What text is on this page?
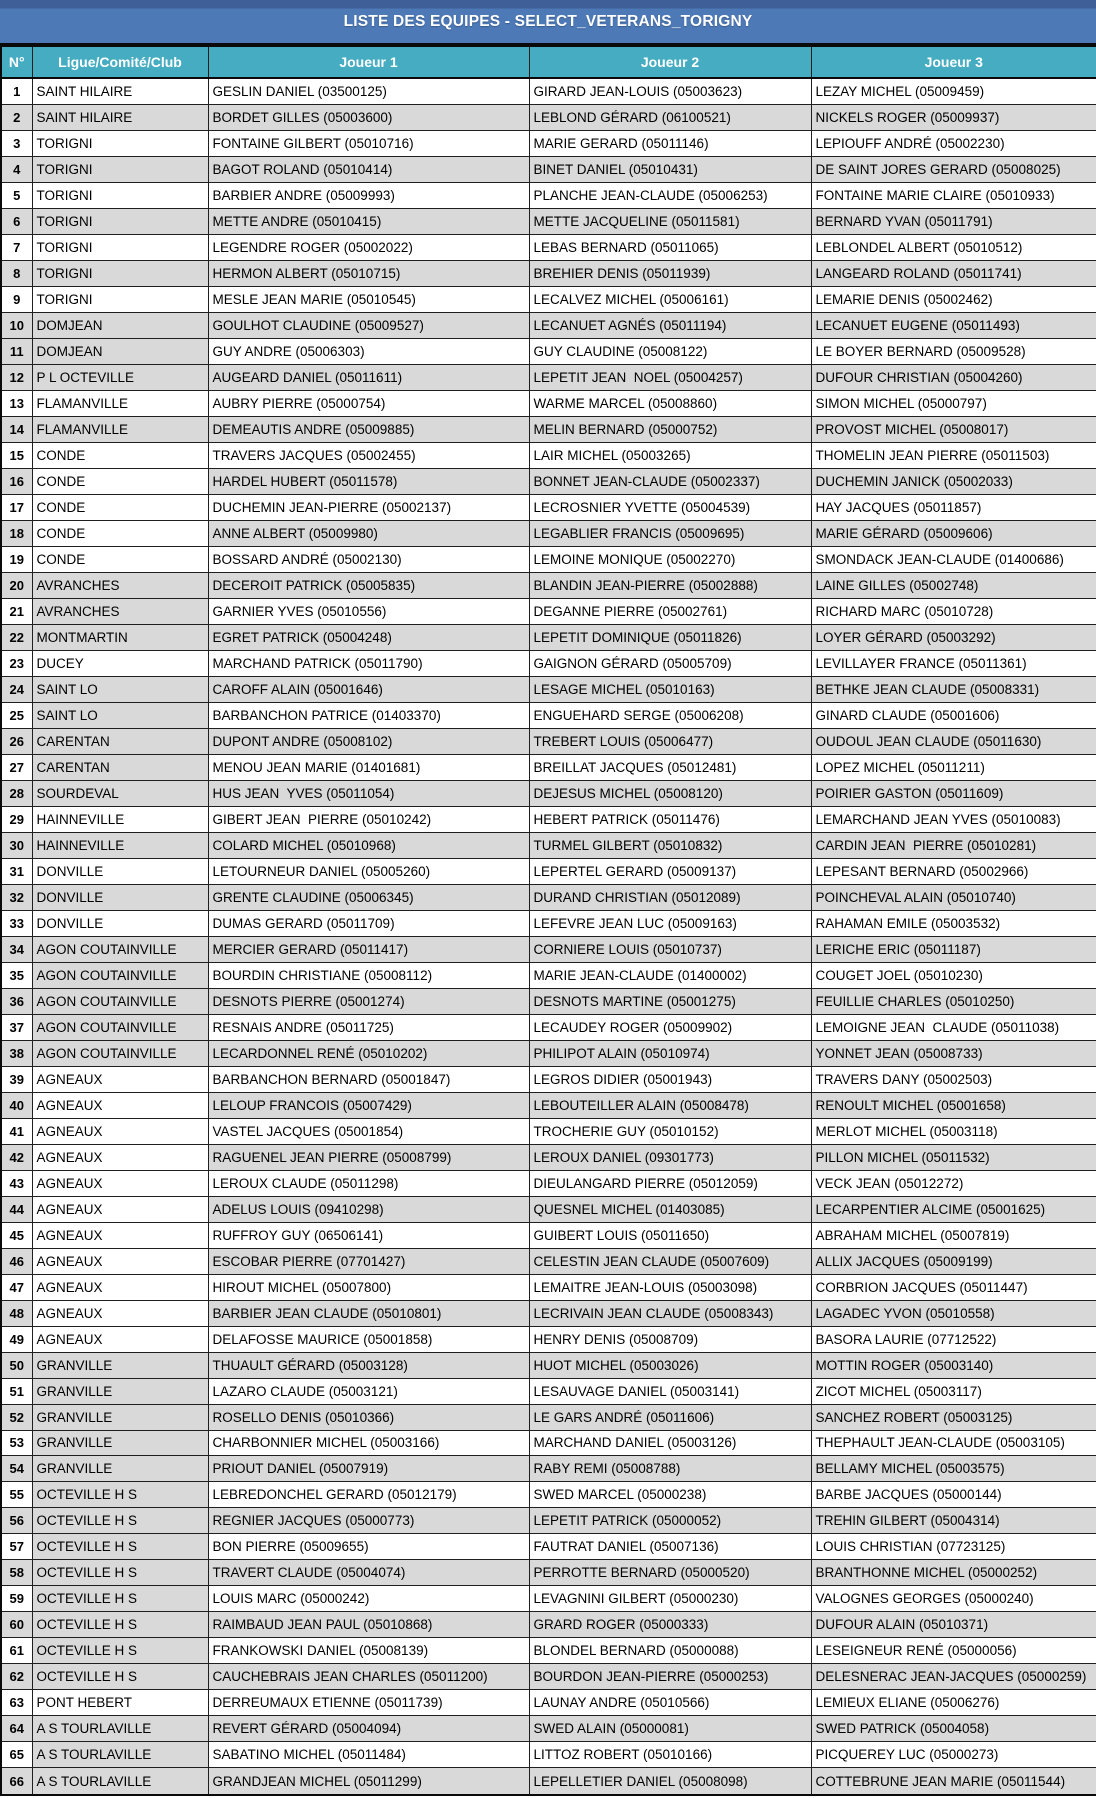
LISTE DES EQUIPES - SELECT_VETERANS_TORIGNY
N°	Ligue/Comité/Club	Joueur 1	Joueur 2	Joueur 3
1	SAINT HILAIRE	GESLIN DANIEL (03500125)	GIRARD JEAN-LOUIS (05003623)	LEZAY MICHEL (05009459)
2	SAINT HILAIRE	BORDET GILLES (05003600)	LEBLOND GÉRARD (06100521)	NICKELS ROGER (05009937)
3	TORIGNI	FONTAINE GILBERT (05010716)	MARIE GERARD (05011146)	LEPIOUFF ANDRÉ (05002230)
4	TORIGNI	BAGOT ROLAND (05010414)	BINET DANIEL (05010431)	DE SAINT JORES GERARD (05008025)
5	TORIGNI	BARBIER ANDRE (05009993)	PLANCHE JEAN-CLAUDE (05006253)	FONTAINE MARIE CLAIRE (05010933)
6	TORIGNI	METTE ANDRE (05010415)	METTE JACQUELINE (05011581)	BERNARD YVAN (05011791)
7	TORIGNI	LEGENDRE ROGER (05002022)	LEBAS BERNARD (05011065)	LEBLONDEL ALBERT (05010512)
8	TORIGNI	HERMON ALBERT (05010715)	BREHIER DENIS (05011939)	LANGEARD ROLAND (05011741)
9	TORIGNI	MESLE JEAN MARIE (05010545)	LECALVEZ MICHEL (05006161)	LEMARIE DENIS (05002462)
10	DOMJEAN	GOULHOT CLAUDINE (05009527)	LECANUET AGNÉS (05011194)	LECANUET EUGENE (05011493)
11	DOMJEAN	GUY ANDRE (05006303)	GUY CLAUDINE (05008122)	LE BOYER BERNARD (05009528)
12	P L OCTEVILLE	AUGEARD DANIEL (05011611)	LEPETIT JEAN  NOEL (05004257)	DUFOUR CHRISTIAN (05004260)
13	FLAMANVILLE	AUBRY PIERRE (05000754)	WARME MARCEL (05008860)	SIMON MICHEL (05000797)
14	FLAMANVILLE	DEMEAUTIS ANDRE (05009885)	MELIN BERNARD (05000752)	PROVOST MICHEL (05008017)
15	CONDE	TRAVERS JACQUES (05002455)	LAIR MICHEL (05003265)	THOMELIN JEAN PIERRE (05011503)
16	CONDE	HARDEL HUBERT (05011578)	BONNET JEAN-CLAUDE (05002337)	DUCHEMIN JANICK (05002033)
17	CONDE	DUCHEMIN JEAN-PIERRE (05002137)	LECROSNIER YVETTE (05004539)	HAY JACQUES (05011857)
18	CONDE	ANNE ALBERT (05009980)	LEGABLIER FRANCIS (05009695)	MARIE GÉRARD (05009606)
19	CONDE	BOSSARD ANDRÉ (05002130)	LEMOINE MONIQUE (05002270)	SMONDACK JEAN-CLAUDE (01400686)
20	AVRANCHES	DECEROIT PATRICK (05005835)	BLANDIN JEAN-PIERRE (05002888)	LAINE GILLES (05002748)
21	AVRANCHES	GARNIER YVES (05010556)	DEGANNE PIERRE (05002761)	RICHARD MARC (05010728)
22	MONTMARTIN	EGRET PATRICK (05004248)	LEPETIT DOMINIQUE (05011826)	LOYER GÉRARD (05003292)
23	DUCEY	MARCHAND PATRICK (05011790)	GAIGNON GÉRARD (05005709)	LEVILLAYER FRANCE (05011361)
24	SAINT LO	CAROFF ALAIN (05001646)	LESAGE MICHEL (05010163)	BETHKE JEAN CLAUDE (05008331)
25	SAINT LO	BARBANCHON PATRICE (01403370)	ENGUEHARD SERGE (05006208)	GINARD CLAUDE (05001606)
26	CARENTAN	DUPONT ANDRE (05008102)	TREBERT LOUIS (05006477)	OUDOUL JEAN CLAUDE (05011630)
27	CARENTAN	MENOU JEAN MARIE (01401681)	BREILLAT JACQUES (05012481)	LOPEZ MICHEL (05011211)
28	SOURDEVAL	HUS JEAN  YVES (05011054)	DEJESUS MICHEL (05008120)	POIRIER GASTON (05011609)
29	HAINNEVILLE	GIBERT JEAN  PIERRE (05010242)	HEBERT PATRICK (05011476)	LEMARCHAND JEAN YVES (05010083)
30	HAINNEVILLE	COLARD MICHEL (05010968)	TURMEL GILBERT (05010832)	CARDIN JEAN  PIERRE (05010281)
31	DONVILLE	LETOURNEUR DANIEL (05005260)	LEPERTEL GERARD (05009137)	LEPESANT BERNARD (05002966)
32	DONVILLE	GRENTE CLAUDINE (05006345)	DURAND CHRISTIAN (05012089)	POINCHEVAL ALAIN (05010740)
33	DONVILLE	DUMAS GERARD (05011709)	LEFEVRE JEAN LUC (05009163)	RAHAMAN EMILE (05003532)
34	AGON COUTAINVILLE	MERCIER GERARD (05011417)	CORNIERE LOUIS (05010737)	LERICHE ERIC (05011187)
35	AGON COUTAINVILLE	BOURDIN CHRISTIANE (05008112)	MARIE JEAN-CLAUDE (01400002)	COUGET JOEL (05010230)
36	AGON COUTAINVILLE	DESNOTS PIERRE (05001274)	DESNOTS MARTINE (05001275)	FEUILLIE CHARLES (05010250)
37	AGON COUTAINVILLE	RESNAIS ANDRE (05011725)	LECAUDEY ROGER (05009902)	LEMOIGNE JEAN  CLAUDE (05011038)
38	AGON COUTAINVILLE	LECARDONNEL RENÉ (05010202)	PHILIPOT ALAIN (05010974)	YONNET JEAN (05008733)
39	AGNEAUX	BARBANCHON BERNARD (05001847)	LEGROS DIDIER (05001943)	TRAVERS DANY (05002503)
40	AGNEAUX	LELOUP FRANCOIS (05007429)	LEBOUTEILLER ALAIN (05008478)	RENOULT MICHEL (05001658)
41	AGNEAUX	VASTEL JACQUES (05001854)	TROCHERIE GUY (05010152)	MERLOT MICHEL (05003118)
42	AGNEAUX	RAGUENEL JEAN PIERRE (05008799)	LEROUX DANIEL (09301773)	PILLON MICHEL (05011532)
43	AGNEAUX	LEROUX CLAUDE (05011298)	DIEULANGARD PIERRE (05012059)	VECK JEAN (05012272)
44	AGNEAUX	ADELUS LOUIS (09410298)	QUESNEL MICHEL (01403085)	LECARPENTIER ALCIME (05001625)
45	AGNEAUX	RUFFROY GUY (06506141)	GUIBERT LOUIS (05011650)	ABRAHAM MICHEL (05007819)
46	AGNEAUX	ESCOBAR PIERRE (07701427)	CELESTIN JEAN CLAUDE (05007609)	ALLIX JACQUES (05009199)
47	AGNEAUX	HIROUT MICHEL (05007800)	LEMAITRE JEAN-LOUIS (05003098)	CORBRION JACQUES (05011447)
48	AGNEAUX	BARBIER JEAN CLAUDE (05010801)	LECRIVAIN JEAN CLAUDE (05008343)	LAGADEC YVON (05010558)
49	AGNEAUX	DELAFOSSE MAURICE (05001858)	HENRY DENIS (05008709)	BASORA LAURIE (07712522)
50	GRANVILLE	THUAULT GÉRARD (05003128)	HUOT MICHEL (05003026)	MOTTIN ROGER (05003140)
51	GRANVILLE	LAZARO CLAUDE (05003121)	LESAUVAGE DANIEL (05003141)	ZICOT MICHEL (05003117)
52	GRANVILLE	ROSELLO DENIS (05010366)	LE GARS ANDRÉ (05011606)	SANCHEZ ROBERT (05003125)
53	GRANVILLE	CHARBONNIER MICHEL (05003166)	MARCHAND DANIEL (05003126)	THEPHAULT JEAN-CLAUDE (05003105)
54	GRANVILLE	PRIOUT DANIEL (05007919)	RABY REMI (05008788)	BELLAMY MICHEL (05003575)
55	OCTEVILLE H S	LEBREDONCHEL GERARD (05012179)	SWED MARCEL (05000238)	BARBE JACQUES (05000144)
56	OCTEVILLE H S	REGNIER JACQUES (05000773)	LEPETIT PATRICK (05000052)	TREHIN GILBERT (05004314)
57	OCTEVILLE H S	BON PIERRE (05009655)	FAUTRAT DANIEL (05007136)	LOUIS CHRISTIAN (07723125)
58	OCTEVILLE H S	TRAVERT CLAUDE (05004074)	PERROTTE BERNARD (05000520)	BRANTHONNE MICHEL (05000252)
59	OCTEVILLE H S	LOUIS MARC (05000242)	LEVAGNINI GILBERT (05000230)	VALOGNES GEORGES (05000240)
60	OCTEVILLE H S	RAIMBAUD JEAN PAUL (05010868)	GRARD ROGER (05000333)	DUFOUR ALAIN (05010371)
61	OCTEVILLE H S	FRANKOWSKI DANIEL (05008139)	BLONDEL BERNARD (05000088)	LESEIGNEUR RENÉ (05000056)
62	OCTEVILLE H S	CAUCHEBRAIS JEAN CHARLES (05011200)	BOURDON JEAN-PIERRE (05000253)	DELESNERAC JEAN-JACQUES (05000259)
63	PONT HEBERT	DERREUMAUX ETIENNE (05011739)	LAUNAY ANDRE (05010566)	LEMIEUX ELIANE (05006276)
64	A S TOURLAVILLE	REVERT GÉRARD (05004094)	SWED ALAIN (05000081)	SWED PATRICK (05004058)
65	A S TOURLAVILLE	SABATINO MICHEL (05011484)	LITTOZ ROBERT (05010166)	PICQUEREY LUC (05000273)
66	A S TOURLAVILLE	GRANDJEAN MICHEL (05011299)	LEPELLETIER DANIEL (05008098)	COTTEBRUNE JEAN MARIE (05011544)
